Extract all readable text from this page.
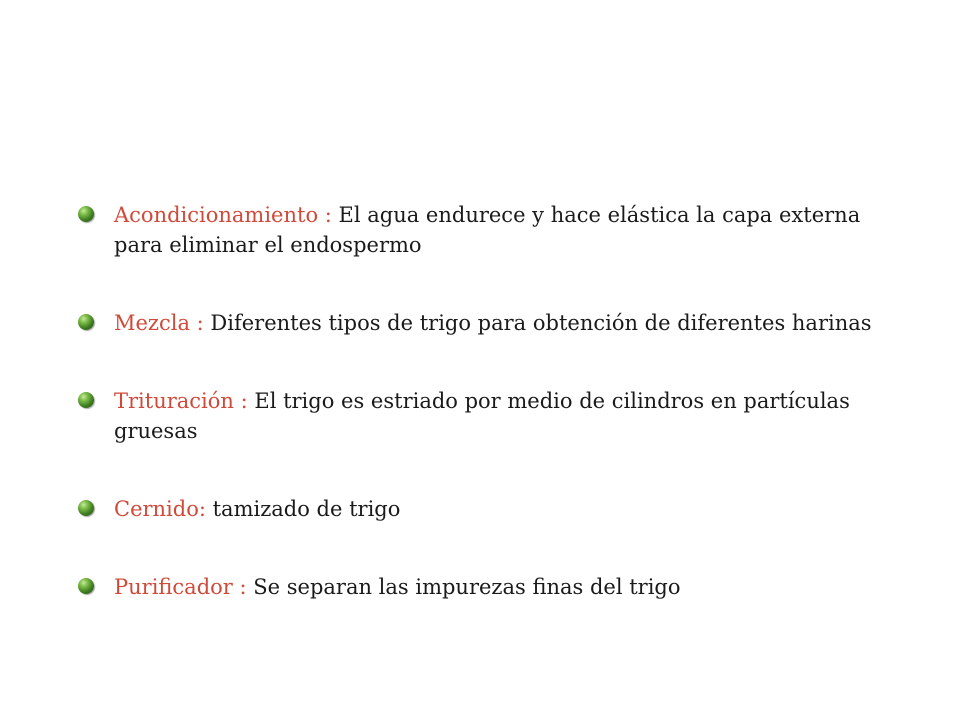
Acondicionamiento : El agua endurece y hace elástica la capa externa para eliminar el endospermo
Mezcla : Diferentes tipos de trigo para obtención de diferentes harinas
Trituración : El trigo es estriado por medio de cilindros en partículas gruesas
Cernido: tamizado de trigo
Purificador : Se separan las impurezas finas del trigo
